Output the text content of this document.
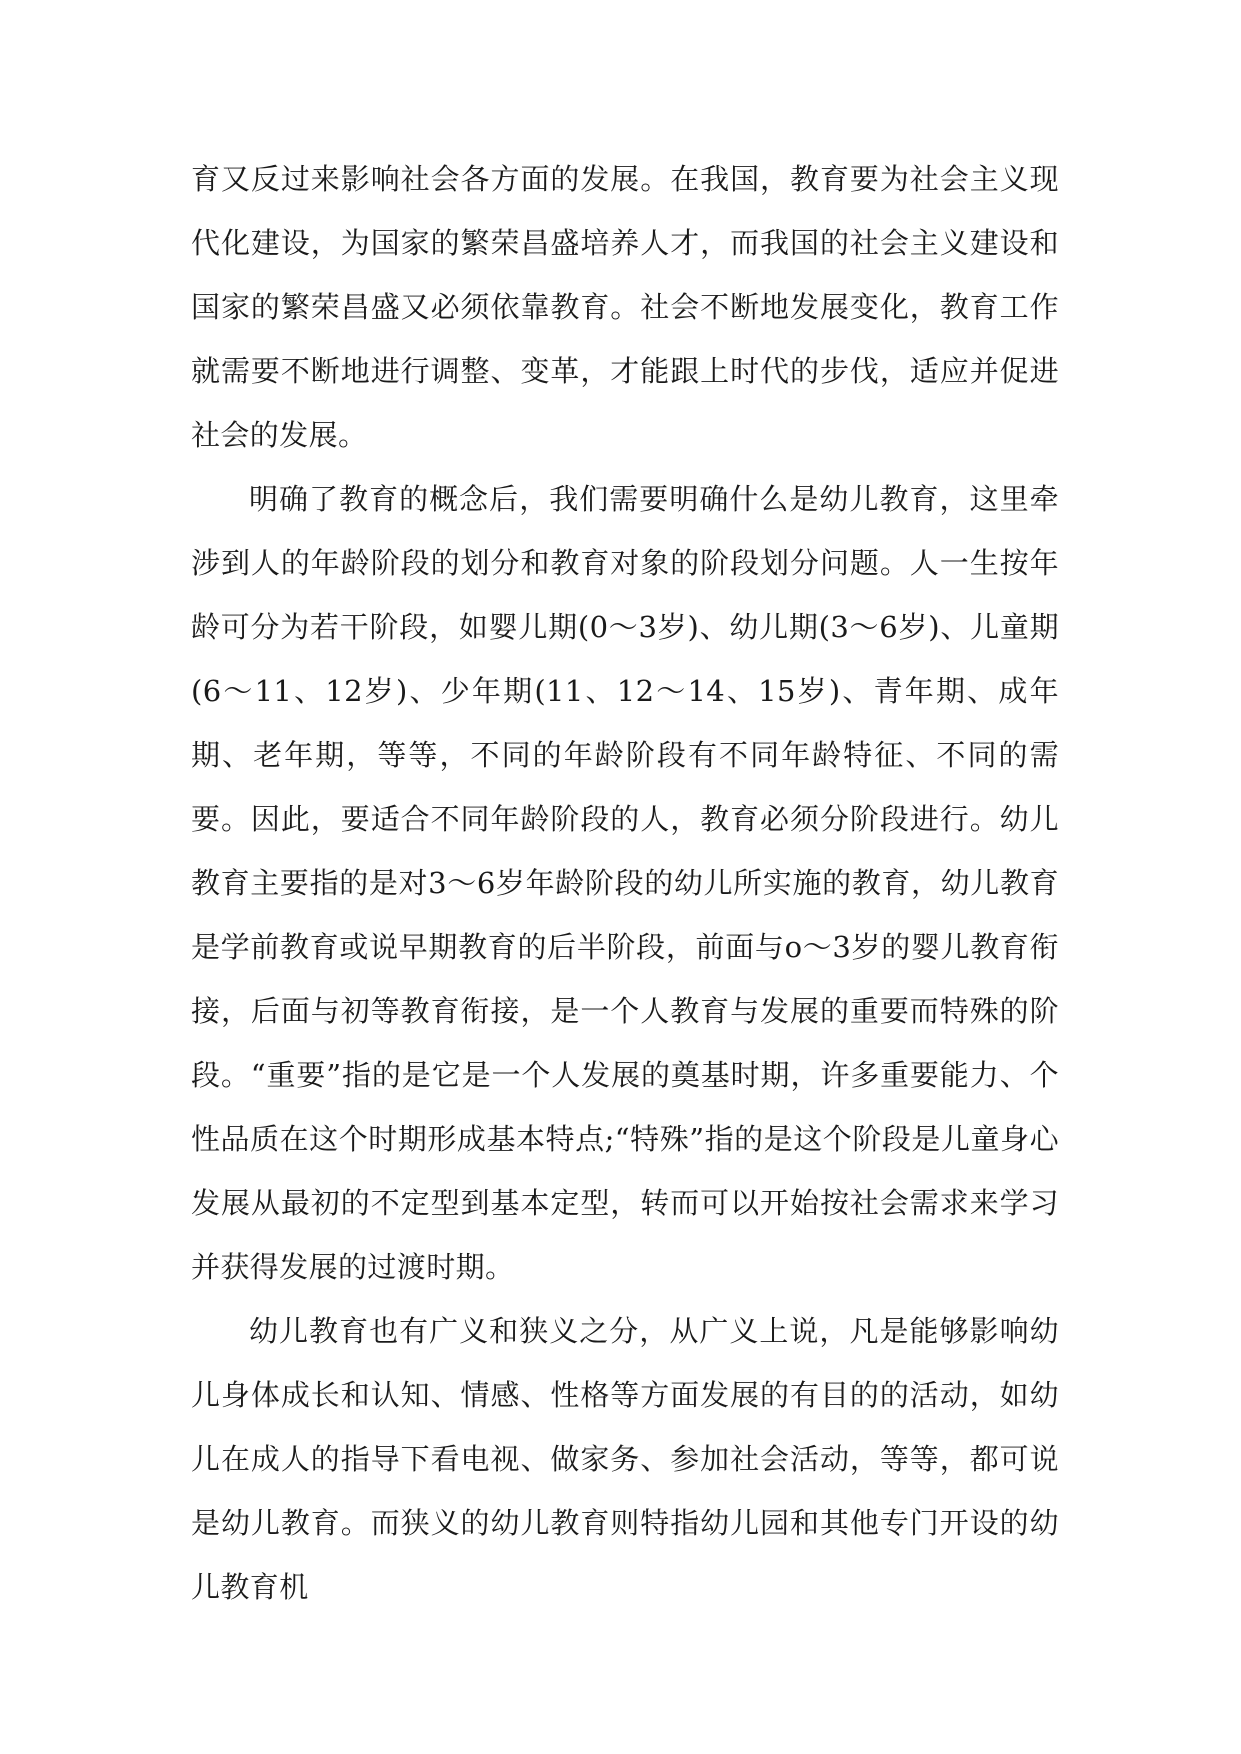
育又反过来影响社会各方面的发展。在我国，教育要为社会主义现代化建设，为国家的繁荣昌盛培养人才，而我国的社会主义建设和国家的繁荣昌盛又必须依靠教育。社会不断地发展变化，教育工作就需要不断地进行调整、变革，才能跟上时代的步伐，适应并促进社会的发展。

明确了教育的概念后，我们需要明确什么是幼儿教育，这里牵涉到人的年龄阶段的划分和教育对象的阶段划分问题。人一生按年龄可分为若干阶段，如婴儿期(0～3岁)、幼儿期(3～6岁)、儿童期(6～11、12岁)、少年期(11、12～14、15岁)、青年期、成年期、老年期，等等，不同的年龄阶段有不同年龄特征、不同的需要。因此，要适合不同年龄阶段的人，教育必须分阶段进行。幼儿教育主要指的是对3～6岁年龄阶段的幼儿所实施的教育，幼儿教育是学前教育或说早期教育的后半阶段，前面与o～3岁的婴儿教育衔接，后面与初等教育衔接，是一个人教育与发展的重要而特殊的阶段。“重要”指的是它是一个人发展的奠基时期，许多重要能力、个性品质在这个时期形成基本特点;“特殊”指的是这个阶段是儿童身心发展从最初的不定型到基本定型，转而可以开始按社会需求来学习并获得发展的过渡时期。

幼儿教育也有广义和狭义之分，从广义上说，凡是能够影响幼儿身体成长和认知、情感、性格等方面发展的有目的的活动，如幼儿在成人的指导下看电视、做家务、参加社会活动，等等，都可说是幼儿教育。而狭义的幼儿教育则特指幼儿园和其他专门开设的幼儿教育机
